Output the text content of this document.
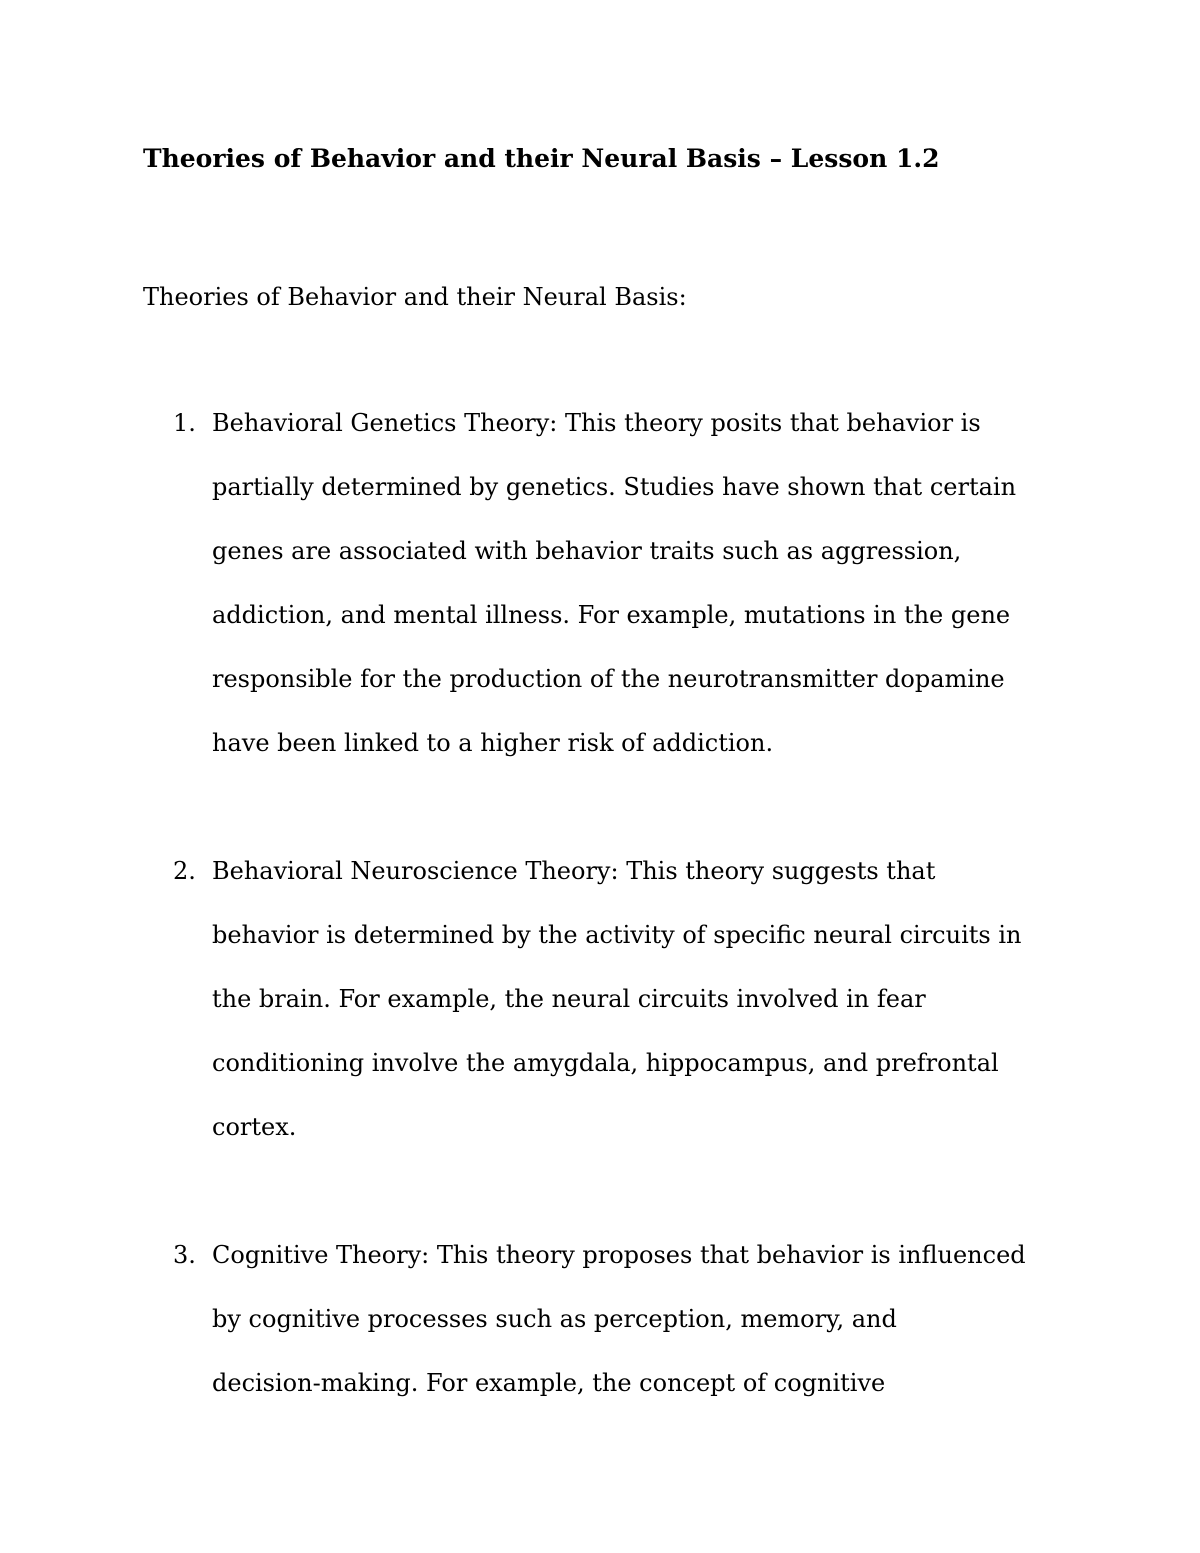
Theories of Behavior and their Neural Basis – Lesson 1.2

Theories of Behavior and their Neural Basis:

1. Behavioral Genetics Theory: This theory posits that behavior is
partially determined by genetics. Studies have shown that certain
genes are associated with behavior traits such as aggression,
addiction, and mental illness. For example, mutations in the gene
responsible for the production of the neurotransmitter dopamine
have been linked to a higher risk of addiction.
2. Behavioral Neuroscience Theory: This theory suggests that
behavior is determined by the activity of specific neural circuits in
the brain. For example, the neural circuits involved in fear
conditioning involve the amygdala, hippocampus, and prefrontal
cortex.
3. Cognitive Theory: This theory proposes that behavior is influenced
by cognitive processes such as perception, memory, and
decision-making. For example, the concept of cognitive
